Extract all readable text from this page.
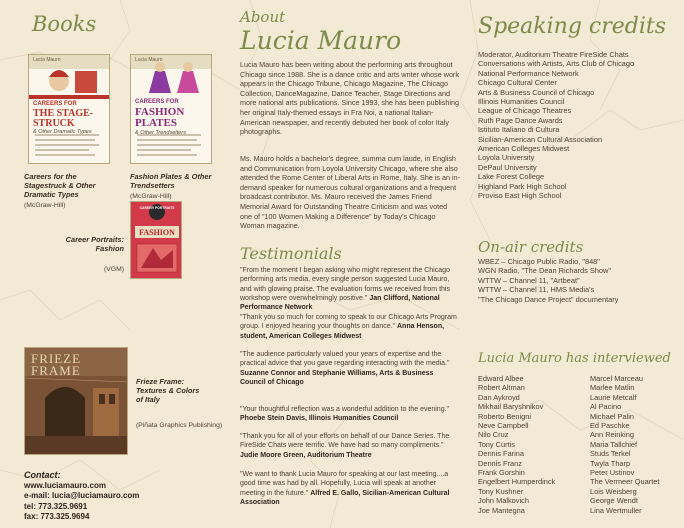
Books
Lucia Mauro
CAREERS FOR
THE STAGE-STRUCK
& Other Dramatic Types
Lucia Mauro
CAREERS FOR
FASHION PLATES
& Other Trendsetters
Careers for the Stagestruck & Other Dramatic Types
(McGraw-Hill)
Fashion Plates & Other Trendsetters
(McGraw-Hill)
CAREER PORTRAITS
FASHION
Career Portraits: Fashion
(VGM)
FRIEZE FRAME
Frieze Frame: Textures & Colors of Italy
(Piñata Graphics Publishing)
Contact:
www.luciamauro.com
e-mail: lucia@luciamauro.com
tel: 773.325.9691
fax: 773.325.9694
About
Lucia Mauro

Lucia Mauro has been writing about the performing arts throughout Chicago since 1988. She is a dance critic and arts writer whose work appears in the Chicago Tribune, Chicago Magazine, The Chicago Collection, DanceMagazine, Dance Teacher, Stage Directions and more national arts publications. Since 1993, she has been publishing her original Italy-themed essays in Fra Noi, a national Italian-American newspaper, and recently debuted her book of color Italy photographs.

Ms. Mauro holds a bachelor's degree, summa cum laude, in English and Communication from Loyola University Chicago, where she also attended the Rome Center of Liberal Arts in Rome, Italy. She is an in-demand speaker for numerous cultural organizations and a frequent broadcast contributor. Ms. Mauro received the James Friend Memorial Award for Outstanding Theatre Criticism and was voted one of "100 Women Making a Difference" by Today's Chicago Woman magazine.

Testimonials
"From the moment I began asking who might represent the Chicago performing arts media, every single person suggested Lucia Mauro, and with glowing praise. The evaluation forms we received from this workshop were overwhelmingly positive." Jan Clifford, National Performance Network
"Thank you so much for coming to speak to our Chicago Arts Program group. I enjoyed hearing your thoughts on dance." Anna Henson, student, American Colleges Midwest
"The audience particularly valued your years of expertise and the practical advice that you gave regarding interacting with the media." Suzanne Connor and Stephanie Williams, Arts & Business Council of Chicago
"Your thoughtful reflection was a wonderful addition to the evening." Phoebe Stein Davis, Illinois Humanities Council
"Thank you for all of your efforts on behalf of our Dance Series. The FireSide Chats were terrific. We have had so many compliments." Judie Moore Green, Auditorium Theatre
"We want to thank Lucia Mauro for speaking at our last meeting....a good time was had by all. Hopefully, Lucia will speak at another meeting in the future." Alfred E. Gallo, Sicilian-American Cultural Association
Speaking credits
Moderator, Auditorium Theatre FireSide Chats
Conversations with Artists, Arts Club of Chicago
National Performance Network
Chicago Cultural Center
Arts & Business Council of Chicago
Illinois Humanities Council
League of Chicago Theatres
Ruth Page Dance Awards
Istituto Italiano di Cultura
Sicilian-American Cultural Association
American Colleges Midwest
Loyola University
DePaul University
Lake Forest College
Highland Park High School
Proviso East High School
On-air credits
WBEZ – Chicago Public Radio, "848"
WGN Radio, "The Dean Richards Show"
WTTW – Channel 11, "Artbeat"
WTTW – Channel 11, HMS Media's
"The Chicago Dance Project" documentary
Lucia Mauro has interviewed
Edward Albee
Robert Altman
Dan Aykroyd
Mikhail Baryshnikov
Roberto Benigni
Neve Campbell
Nilo Cruz
Tony Curtis
Dennis Farina
Dennis Franz
Frank Gorshin
Engelbert Humperdinck
Tony Kushner
John Malkovich
Joe Mantegna
Marcel Marceau
Marlee Matlin
Laurie Metcalf
Al Pacino
Michael Palin
Ed Paschke
Ann Reinking
Maria Tallchief
Studs Terkel
Twyla Tharp
Peter Ustinov
The Vermeer Quartet
Lois Weisberg
George Wendt
Lina Wertmuller
